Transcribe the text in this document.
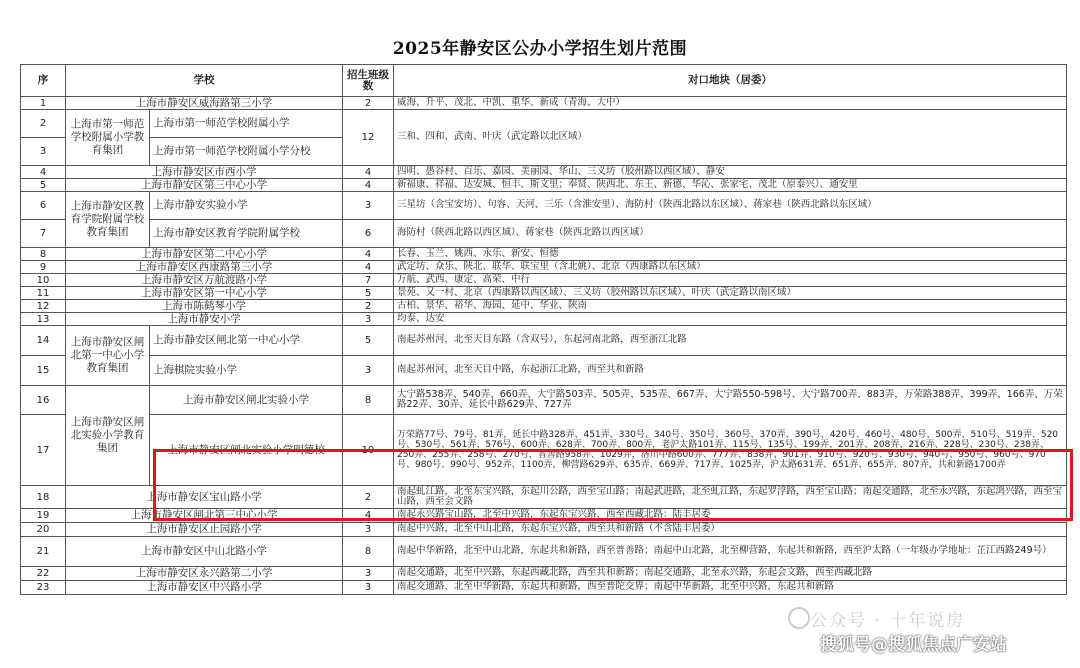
2025年静安区公办小学招生划片范围
序	学校		招生班级数	对口地块（居委）
1	上海市静安区威海路第三小学		2	威海、升平、茂北、中凯、重华、新成（青海、大中）
2	上海市第一师范学校附属小学教育集团	上海市第一师范学校附属小学	12	三和、四和、武南、叶庆（武定路以北区域）
3		上海市第一师范学校附属小学分校		
4	上海市静安区市西小学		4	四明、愚谷村、百乐、嘉园、美丽园、华山、三义坊（胶州路以西区域）、静安
5	上海市静安区第三中心小学		4	新福康、祥福、达安城、恒丰、斯文里；奉贤、陕西北、东王、新德、华沁、张家宅、茂北（原泰兴）、通安里
6	上海市静安区教育学院附属学校教育集团	上海市静安实验小学	3	三星坊（含宝安坊）、句容、天河、三乐（含淮安里）、海防村（陕西北路以东区域）、蒋家巷（陕西北路以东区域）
7		上海市静安区教育学院附属学校	6	海防村（陕西北路以西区域）、蒋家巷（陕西北路以西区域）
8	上海市静安区第二中心小学		4	长春、玉兰、姚西、永乐、新安、恒德
9	上海市静安区西康路第三小学		4	武定坊、众乐、陕北、联华、联宝里（含北姚）、北京（西康路以东区域）
10	上海市静安区万航渡路小学		7	万航、武西、康定、高荣、中行
11	上海市静安区第一中心小学		5	景苑、又一村、北京（西康路以西区域）、三义坊（胶州路以东区域）、叶庆（武定路以南区域）
12	上海市陈鹤琴小学		2	古柏、景华、裕华、海园、延中、华业、陕南
13	上海市静安小学		3	均泰、达安
14	上海市静安区闸北第一中心小学教育集团	上海市静安区闸北第一中心小学	5	南起苏州河，北至天目东路（含双号），东起河南北路，西至浙江北路
15		上海棋院实验小学	3	南起苏州河，北至天目中路，东起浙江北路，西至共和新路
16	上海市静安区闸北实验小学教育集团	上海市静安区闸北实验小学	8	大宁路538弄、540弄、660弄、大宁路503弄、505弄、535弄、667弄、大宁路550-598号、大宁路700弄、883弄，万荣路388弄、399弄、166弄、万荣路22弄、30弄、延长中路629弄、727弄
17		上海市静安区闸北实验小学明德校	10	万荣路77号、79号、81弄，延长中路328弄、451弄、330号、340号、350号、360号、370弄、390号、420号、460号、480号、500弄、510号、519弄、520号、530号、561弄、576号、600弄、628弄、700弄、800弄，老沪太路101弄、115号、135号、199弄、201弄、208弄、216弄、228号、230号、238弄、250弄、255弄、258号、270号，普善路958弄、1029弄，洛川中路600弄、777弄、838弄、901弄、910号、920号、930号、940号、950号、960号、970号、980号、990号、952弄、1100弄，柳营路629弄、635弄、669弄、717弄、1025弄，沪太路631弄、651弄、655弄、807弄，共和新路1700弄
18	上海市静安区宝山路小学		2	南起虬江路，北至东宝兴路，东起川公路，西至宝山路；南起武进路，北至虬江路，东起罗浮路，西至宝山路；南起交通路，北至永兴路，东起鸿兴路，西至宝山路，西至会文路
19	上海市静安区闸北第三中心小学		4	南起永兴路宝山路，北至中兴路，东起东宝兴路，西至西藏北路：陆丰居委
20	上海市静安区止园路小学		3	南起中兴路，北至中山北路，东起东宝兴路，西至共和新路（不含陆丰居委）
21	上海市静安区中山北路小学		8	南起中华新路，北至中山北路，东起共和新路，西至普善路；南起中山北路，北至柳营路，东起共和新路，西至沪太路（一年级办学地址：芷江西路249号）
22	上海市静安区永兴路第二小学		3	南起交通路，北至中兴路，东起西藏北路，西至共和新路；南起交通路，北至永兴路，东起会文路，西至西藏北路
23	上海市静安区中兴路小学		3	南起交通路，北至中华新路，东起共和新路，西至普陀交界；南起中华新路，北至中兴路，东起共和新路
公众号 · 十年说房
搜狐号@搜狐焦点广安站
